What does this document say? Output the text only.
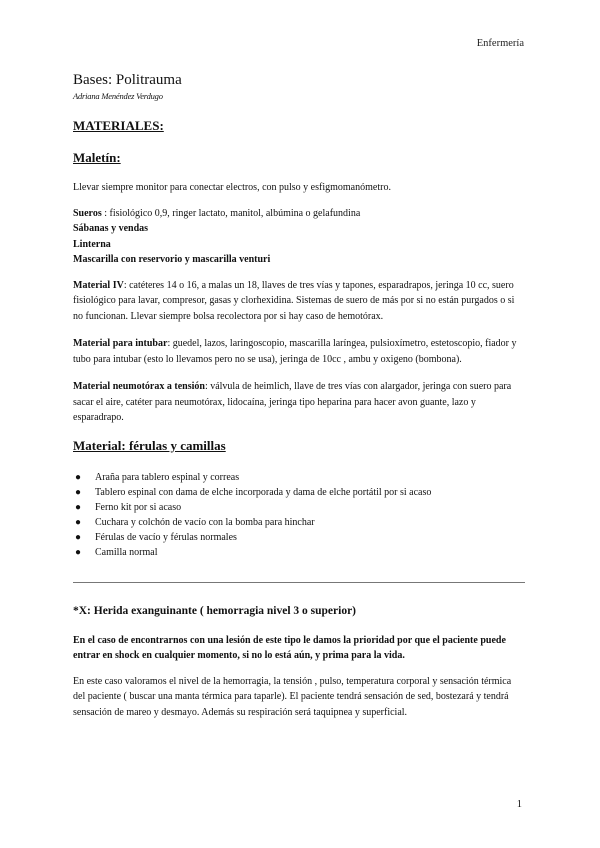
Enfermería
Bases: Politrauma

Adriana Menéndez Verdugo

MATERIALES:
Maletín:

Llevar siempre monitor para conectar electros, con pulso y esfigmomanómetro.

Sueros : fisiológico 0,9, ringer lactato, manitol, albúmina o gelafundina

Sábanas y vendas

Linterna

Mascarilla con reservorio y mascarilla venturi

Material IV: catéteres 14 o 16, a malas un 18, llaves de tres vías y tapones, esparadrapos, jeringa 10 cc, suero fisiológico para lavar, compresor, gasas y clorhexidina. Sistemas de suero de más por si no están purgados o si no funcionan. Llevar siempre bolsa recolectora por si hay caso de hemotórax.

Material para intubar: guedel, lazos, laringoscopio, mascarilla laríngea, pulsioxímetro, estetoscopio, fiador y tubo para intubar (esto lo llevamos pero no se usa), jeringa de 10cc , ambu y oxigeno (bombona).

Material neumotórax a tensión: válvula de heimlich, llave de tres vías con alargador, jeringa con suero para sacar el aire, catéter para neumotórax, lidocaína, jeringa tipo heparina para hacer avon guante, lazo y esparadrapo.

Material: férulas y camillas
● Araña para tablero espinal y correas
● Tablero espinal con dama de elche incorporada y dama de elche portátil por si acaso
● Ferno kit por si acaso
● Cuchara y colchón de vacío con la bomba para hinchar
● Férulas de vacío y férulas normales
● Camilla normal
*X: Herida exanguinante ( hemorragia nivel 3 o superior)

En el caso de encontrarnos con una lesión de este tipo le damos la prioridad por que el paciente puede entrar en shock en cualquier momento, si no lo está aún, y prima para la vida.

En este caso valoramos el nivel de la hemorragia, la tensión , pulso, temperatura corporal y sensación térmica del paciente ( buscar una manta térmica para taparle). El paciente tendrá sensación de sed, bostezará y tendrá sensación de mareo y desmayo. Además su respiración será taquipnea y superficial.

1
